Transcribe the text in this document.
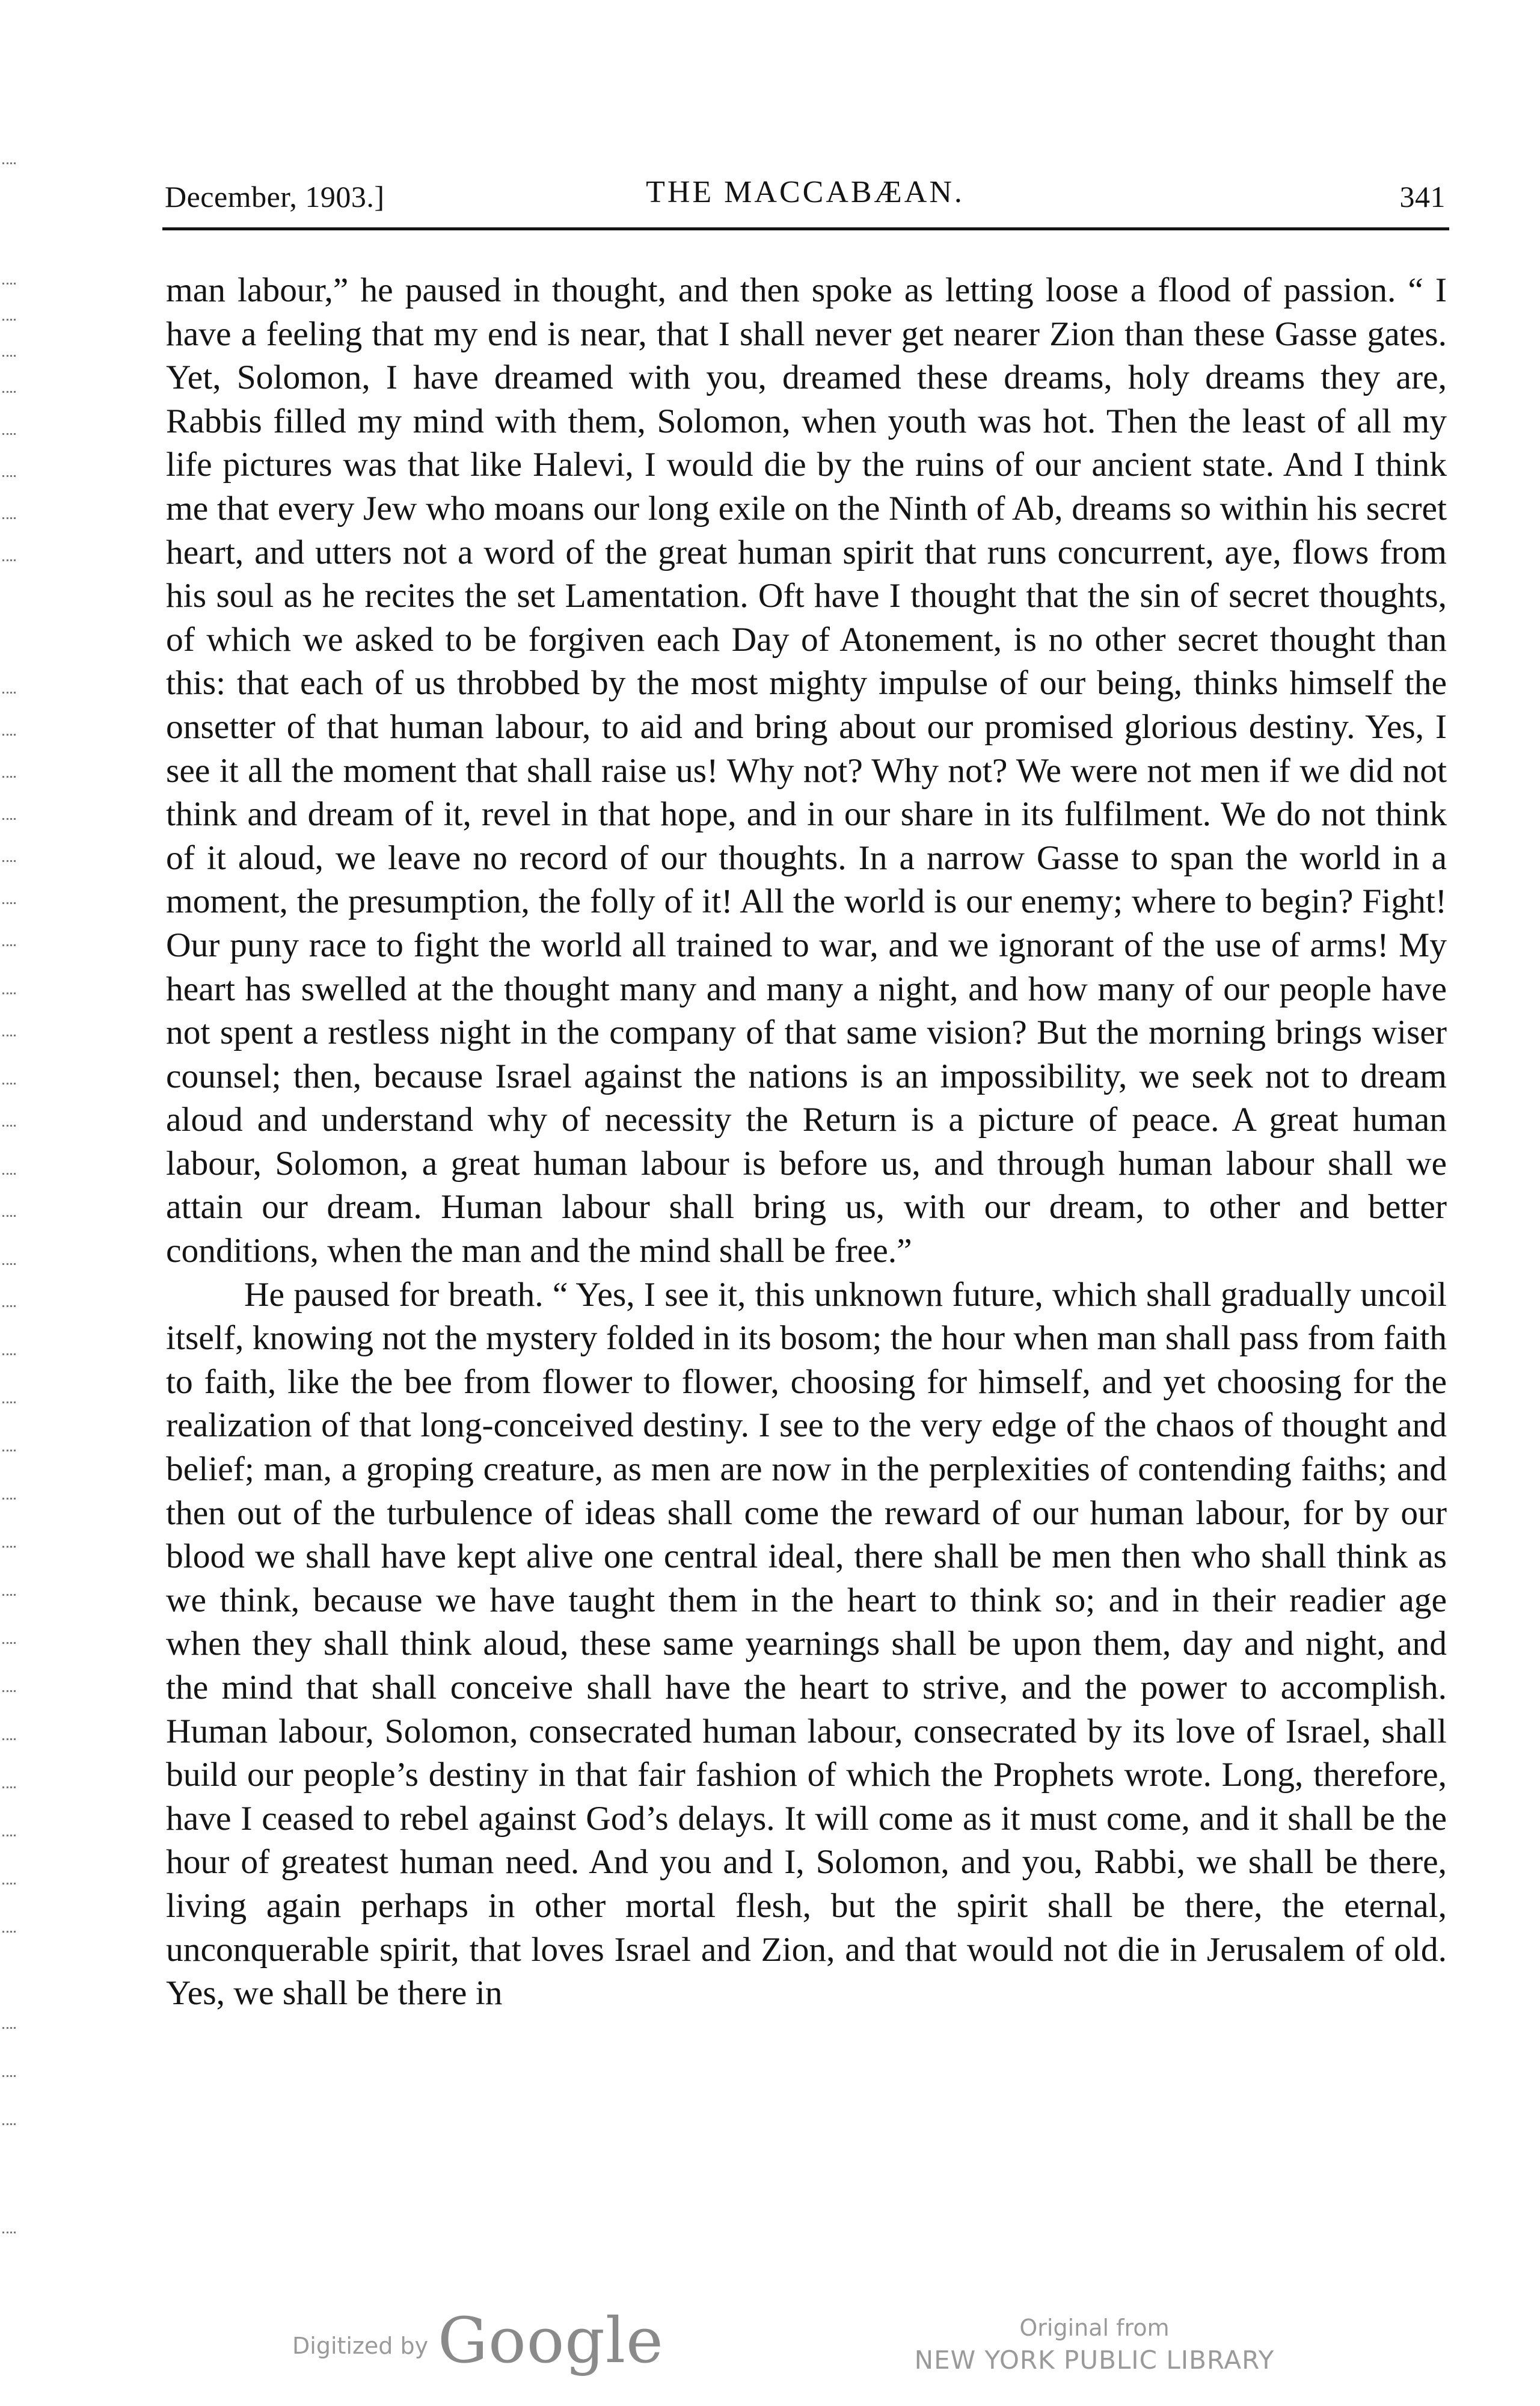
December, 1903.]	THE MACCABÆAN.	341

man labour,” he paused in thought, and then spoke as letting loose a flood of passion. “ I have a feeling that my end is near, that I shall never get nearer Zion than these Gasse gates. Yet, Solomon, I have dreamed with you, dreamed these dreams, holy dreams they are, Rabbis filled my mind with them, Solomon, when youth was hot. Then the least of all my life pictures was that like Halevi, I would die by the ruins of our ancient state. And I think me that every Jew who moans our long exile on the Ninth of Ab, dreams so within his secret heart, and utters not a word of the great human spirit that runs concurrent, aye, flows from his soul as he recites the set Lamentation. Oft have I thought that the sin of secret thoughts, of which we asked to be forgiven each Day of Atonement, is no other secret thought than this: that each of us throbbed by the most mighty impulse of our being, thinks himself the onsetter of that human labour, to aid and bring about our promised glorious destiny. Yes, I see it all the moment that shall raise us! Why not? Why not? We were not men if we did not think and dream of it, revel in that hope, and in our share in its fulfilment. We do not think of it aloud, we leave no record of our thoughts. In a narrow Gasse to span the world in a moment, the presumption, the folly of it! All the world is our enemy; where to begin? Fight! Our puny race to fight the world all trained to war, and we ignorant of the use of arms! My heart has swelled at the thought many and many a night, and how many of our people have not spent a restless night in the company of that same vision? But the morning brings wiser counsel; then, because Israel against the nations is an impossibility, we seek not to dream aloud and understand why of necessity the Return is a picture of peace. A great human labour, Solomon, a great human labour is before us, and through human labour shall we attain our dream. Human labour shall bring us, with our dream, to other and better conditions, when the man and the mind shall be free.”

He paused for breath. “ Yes, I see it, this unknown future, which shall gradually uncoil itself, knowing not the mystery folded in its bosom; the hour when man shall pass from faith to faith, like the bee from flower to flower, choosing for himself, and yet choosing for the realization of that long-conceived destiny. I see to the very edge of the chaos of thought and belief; man, a groping creature, as men are now in the perplexities of contending faiths; and then out of the turbulence of ideas shall come the reward of our human labour, for by our blood we shall have kept alive one central ideal, there shall be men then who shall think as we think, because we have taught them in the heart to think so; and in their readier age when they shall think aloud, these same yearnings shall be upon them, day and night, and the mind that shall conceive shall have the heart to strive, and the power to accomplish. Human labour, Solomon, consecrated human labour, consecrated by its love of Israel, shall build our people’s destiny in that fair fashion of which the Prophets wrote. Long, therefore, have I ceased to rebel against God’s delays. It will come as it must come, and it shall be the hour of greatest human need. And you and I, Solomon, and you, Rabbi, we shall be there, living again perhaps in other mortal flesh, but the spirit shall be there, the eternal, unconquerable spirit, that loves Israel and Zion, and that would not die in Jerusalem of old. Yes, we shall be there in

Digitized by Google	Original from
NEW YORK PUBLIC LIBRARY
